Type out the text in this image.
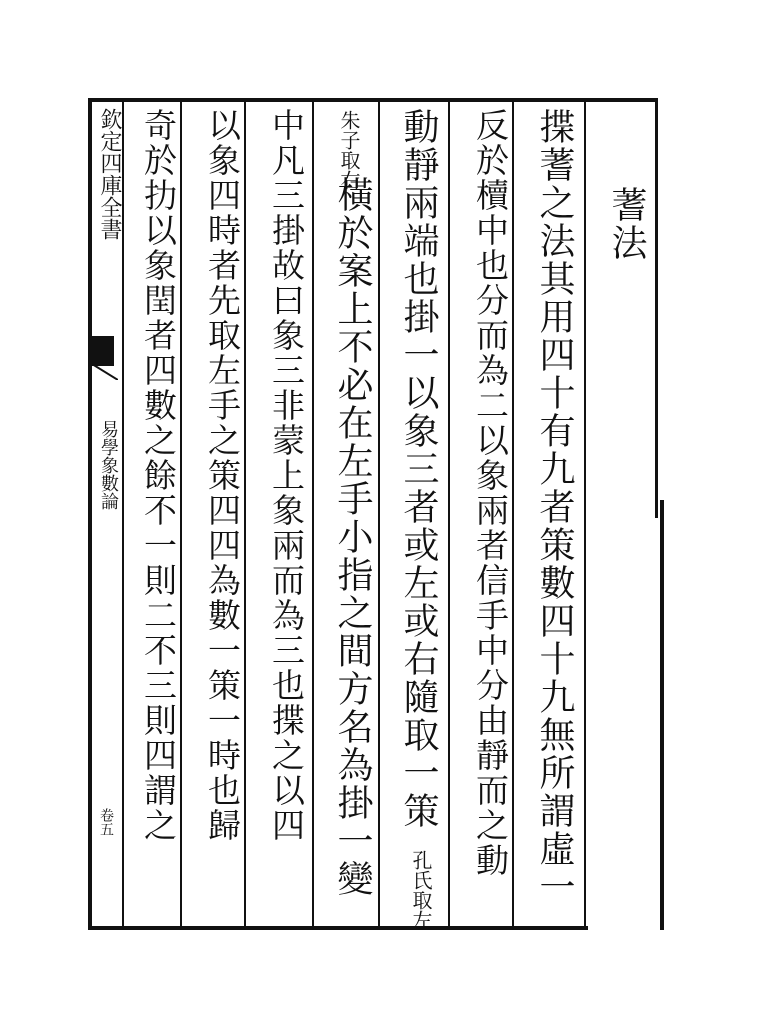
欽定四庫全書
易學象數論
卷五
蓍法
揲蓍之法其用四十有九者策數四十九無所謂虛一
反於櫝中也分而為二以象兩者信手中分由靜而之動
動靜兩端也掛一以象三者或左或右隨取一策
孔氏取左
朱子取右
橫於案上不必在左手小指之間方名為掛一變
中凡三掛故曰象三非蒙上象兩而為三也揲之以四
以象四時者先取左手之策四四為數一策一時也歸
奇於扐以象閏者四數之餘不一則二不三則四謂之
